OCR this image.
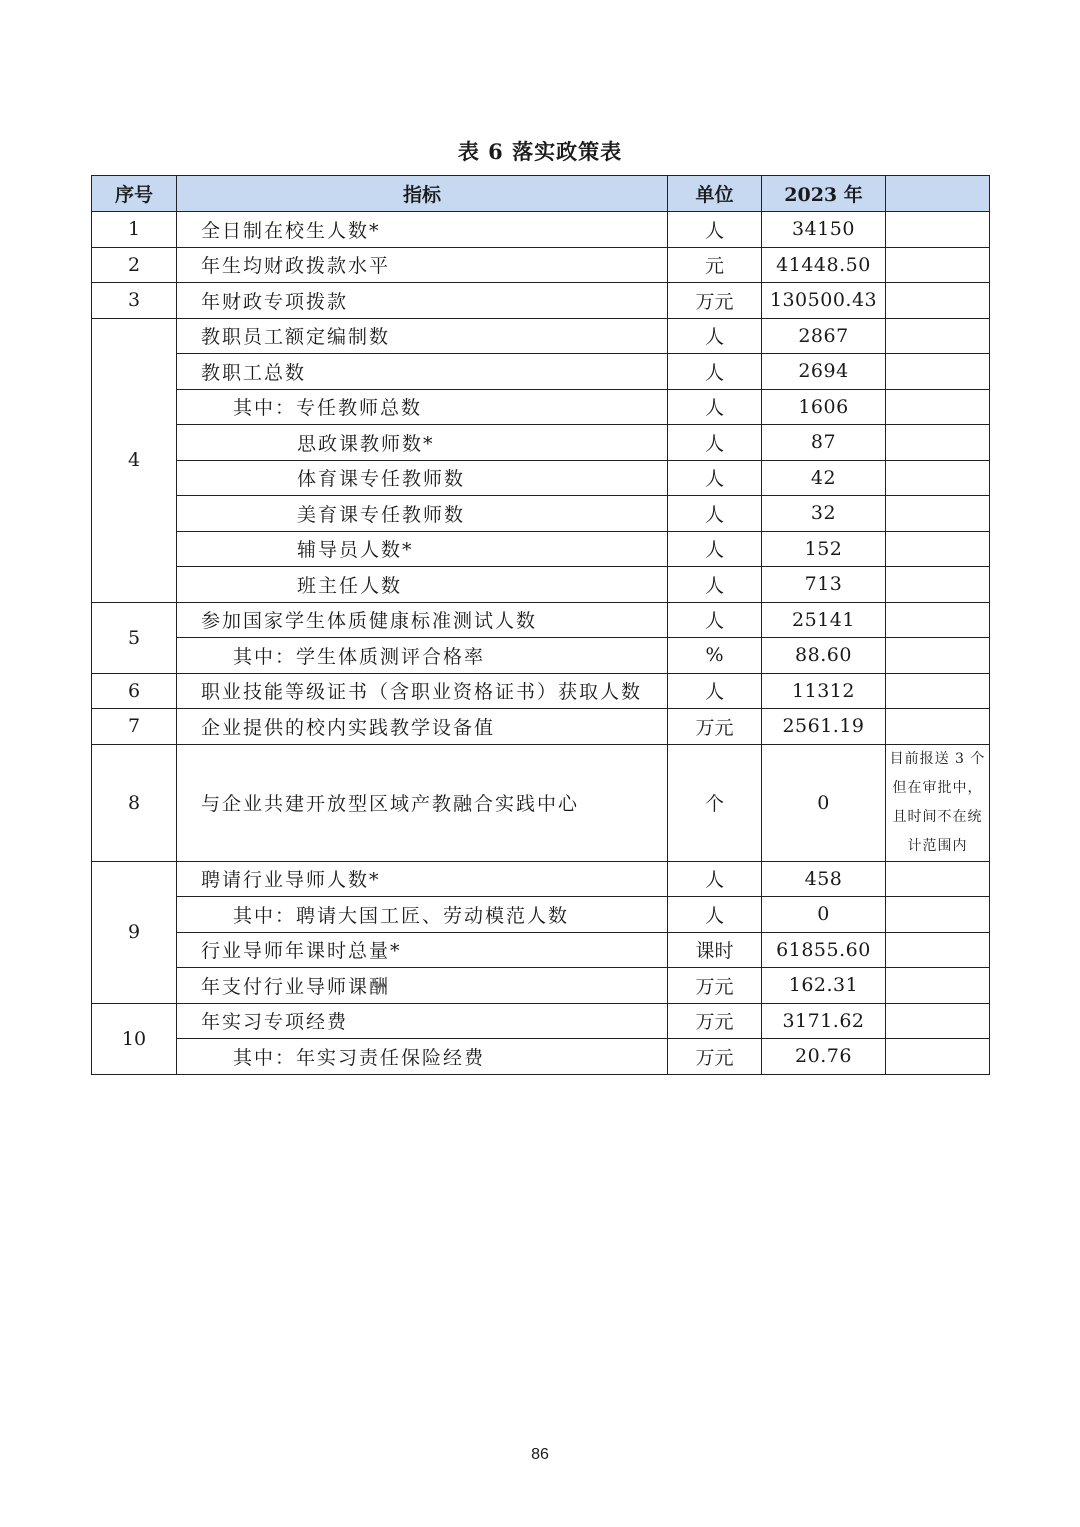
表 6 落实政策表
序号	指标	单位	2023 年	
1	全日制在校生人数*	人	34150	
2	年生均财政拨款水平	元	41448.50	
3	年财政专项拨款	万元	130500.43	
4	教职员工额定编制数	人	2867	
	教职工总数	人	2694	
	其中：专任教师总数	人	1606	
	思政课教师数*	人	87	
	体育课专任教师数	人	42	
	美育课专任教师数	人	32	
	辅导员人数*	人	152	
	班主任人数	人	713	
5	参加国家学生体质健康标准测试人数	人	25141	
	其中：学生体质测评合格率	%	88.60	
6	职业技能等级证书（含职业资格证书）获取人数	人	11312	
7	企业提供的校内实践教学设备值	万元	2561.19	
8	与企业共建开放型区域产教融合实践中心	个	0	目前报送 3 个但在审批中，且时间不在统计范围内
9	聘请行业导师人数*	人	458	
	其中：聘请大国工匠、劳动模范人数	人	0	
	行业导师年课时总量*	课时	61855.60	
	年支付行业导师课酬	万元	162.31	
10	年实习专项经费	万元	3171.62	
	其中：年实习责任保险经费	万元	20.76	
86
